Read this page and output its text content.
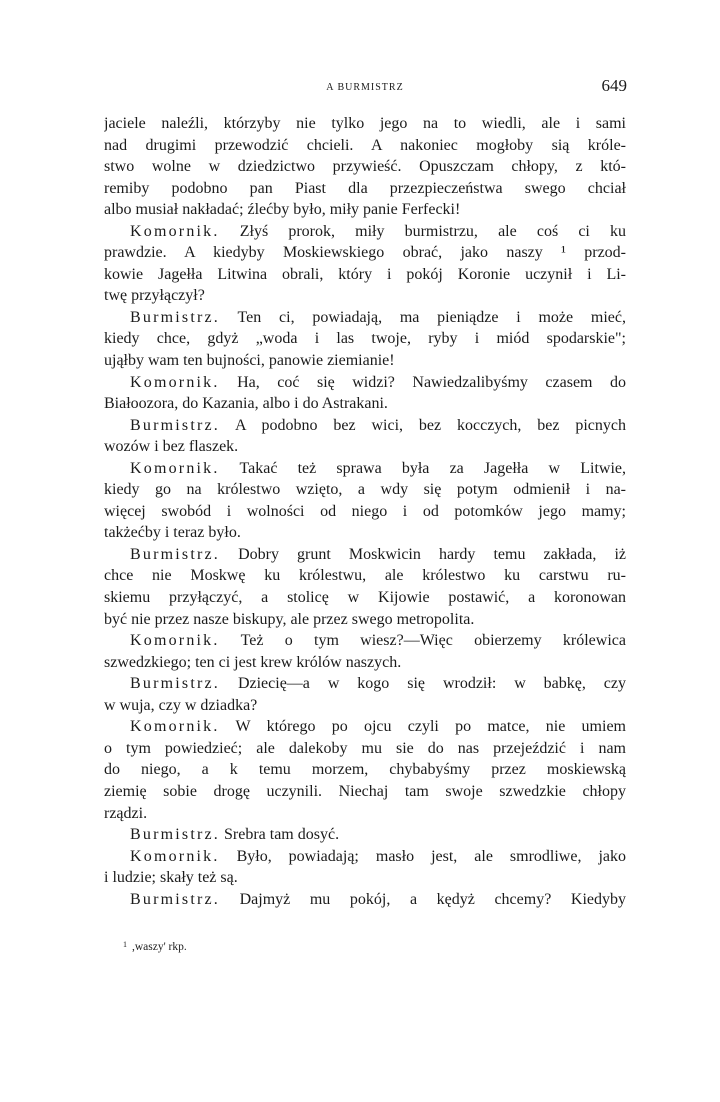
A BURMISTRZ	649
jaciele naleźli, którzyby nie tylko jego na to wiedli, ale i sami
nad drugimi przewodzić chcieli. A nakoniec mogłoby sią króle-
stwo wolne w dziedzictwo przywieść. Opuszczam chłopy, z któ-
remiby podobno pan Piast dla przezpieczeństwa swego chciał
albo musiał nakładać; źlećby było, miły panie Ferfecki!
Komornik. Złyś prorok, miły burmistrzu, ale coś ci ku
prawdzie. A kiedyby Moskiewskiego obrać, jako naszy ¹ przod-
kowie Jagełła Litwina obrali, który i pokój Koronie uczynił i Li-
twę przyłączył?
Burmistrz. Ten ci, powiadają, ma pieniądze i może mieć,
kiedy chce, gdyż „woda i las twoje, ryby i miód spodarskie";
ująłby wam ten bujności, panowie ziemianie!
Komornik. Ha, coć się widzi? Nawiedzalibyśmy czasem do
Białoozora, do Kazania, albo i do Astrakani.
Burmistrz. A podobno bez wici, bez kocczych, bez picnych
wozów i bez flaszek.
Komornik. Takać też sprawa była za Jagełła w Litwie,
kiedy go na królestwo wzięto, a wdy się potym odmienił i na-
więcej swobód i wolności od niego i od potomków jego mamy;
takżećby i teraz było.
Burmistrz. Dobry grunt Moskwicin hardy temu zakłada, iż
chce nie Moskwę ku królestwu, ale królestwo ku carstwu ru-
skiemu przyłączyć, a stolicę w Kijowie postawić, a koronowan
być nie przez nasze biskupy, ale przez swego metropolita.
Komornik. Też o tym wiesz?—Więc obierzemy królewica
szwedzkiego; ten ci jest krew królów naszych.
Burmistrz. Dziecię—a w kogo się wrodził: w babkę, czy
w wuja, czy w dziadka?
Komornik. W którego po ojcu czyli po matce, nie umiem
o tym powiedzieć; ale dalekoby mu sie do nas przejeździć i nam
do niego, a k temu morzem, chybabyśmy przez moskiewską
ziemię sobie drogę uczynili. Niechaj tam swoje szwedzkie chłopy
rządzi.
Burmistrz. Srebra tam dosyć.
Komornik. Było, powiadają; masło jest, ale smrodliwe, jako
i ludzie; skały też są.
Burmistrz. Dajmyż mu pokój, a kędyż chcemy? Kiedyby
$^1$ ,waszy' rkp.
